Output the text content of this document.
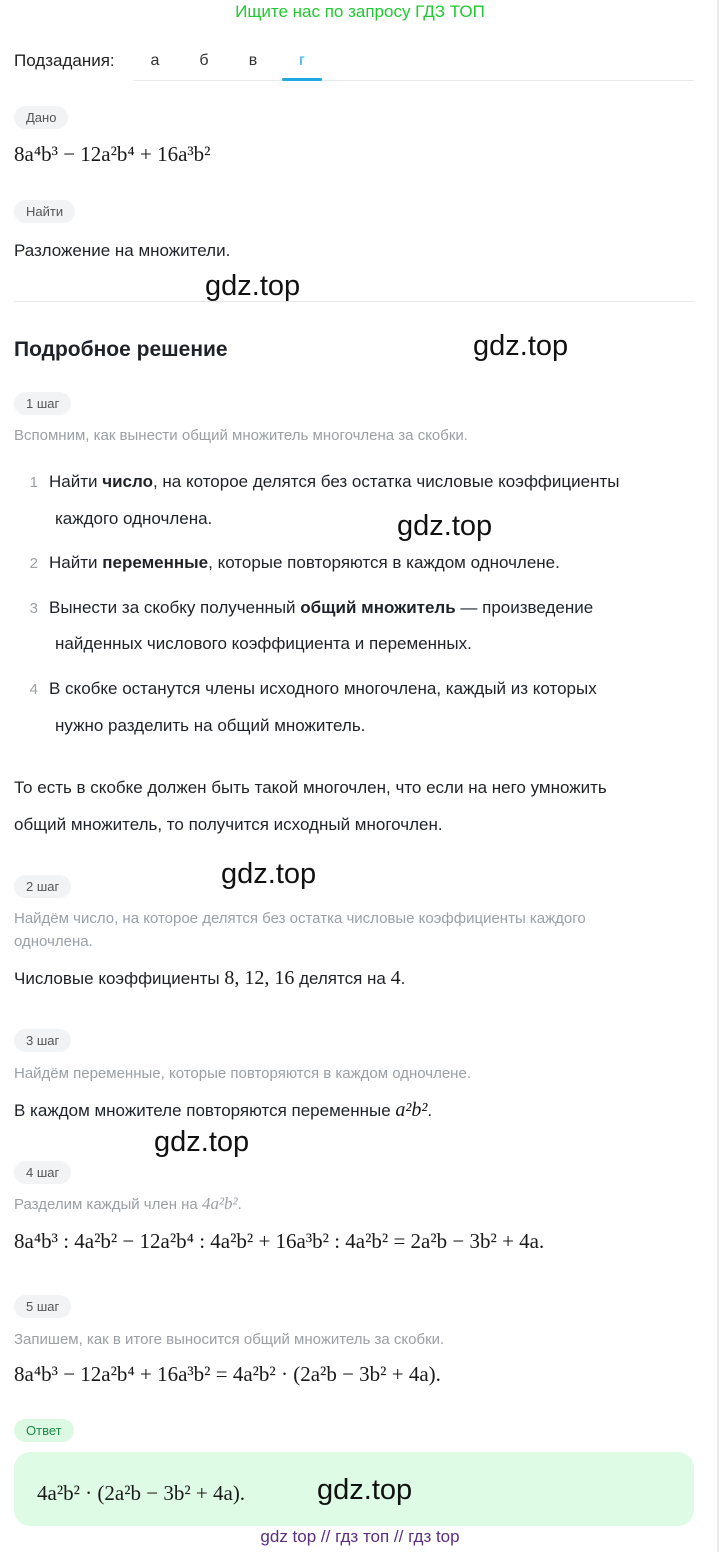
Ищите нас по запросу ГДЗ ТОП
Подзадания:	а	б	в	г
Дано
8a⁴b³ − 12a²b⁴ + 16a³b²
Найти
Разложение на множители.
Подробное решение
1 шаг
Вспомним, как вынести общий множитель многочлена за скобки.
1 Найти число, на которое делятся без остатка числовые коэффициенты
каждого одночлена.
2 Найти переменные, которые повторяются в каждом одночлене.
3 Вынести за скобку полученный общий множитель — произведение
найденных числового коэффициента и переменных.
4 В скобке останутся члены исходного многочлена, каждый из которых
нужно разделить на общий множитель.
То есть в скобке должен быть такой многочлен, что если на него умножить
общий множитель, то получится исходный многочлен.
2 шаг
Найдём число, на которое делятся без остатка числовые коэффициенты каждого
одночлена.
Числовые коэффициенты 8, 12, 16 делятся на 4.
3 шаг
Найдём переменные, которые повторяются в каждом одночлене.
В каждом множителе повторяются переменные a²b².
4 шаг
Разделим каждый член на 4a²b².
8a⁴b³ : 4a²b² − 12a²b⁴ : 4a²b² + 16a³b² : 4a²b² = 2a²b − 3b² + 4a.
5 шаг
Запишем, как в итоге выносится общий множитель за скобки.
8a⁴b³ − 12a²b⁴ + 16a³b² = 4a²b² · (2a²b − 3b² + 4a).
Ответ
4a²b² · (2a²b − 3b² + 4a).
gdz.top
gdz.top
gdz.top
gdz.top
gdz.top
gdz.top
gdz top // гдз топ // гдз top
